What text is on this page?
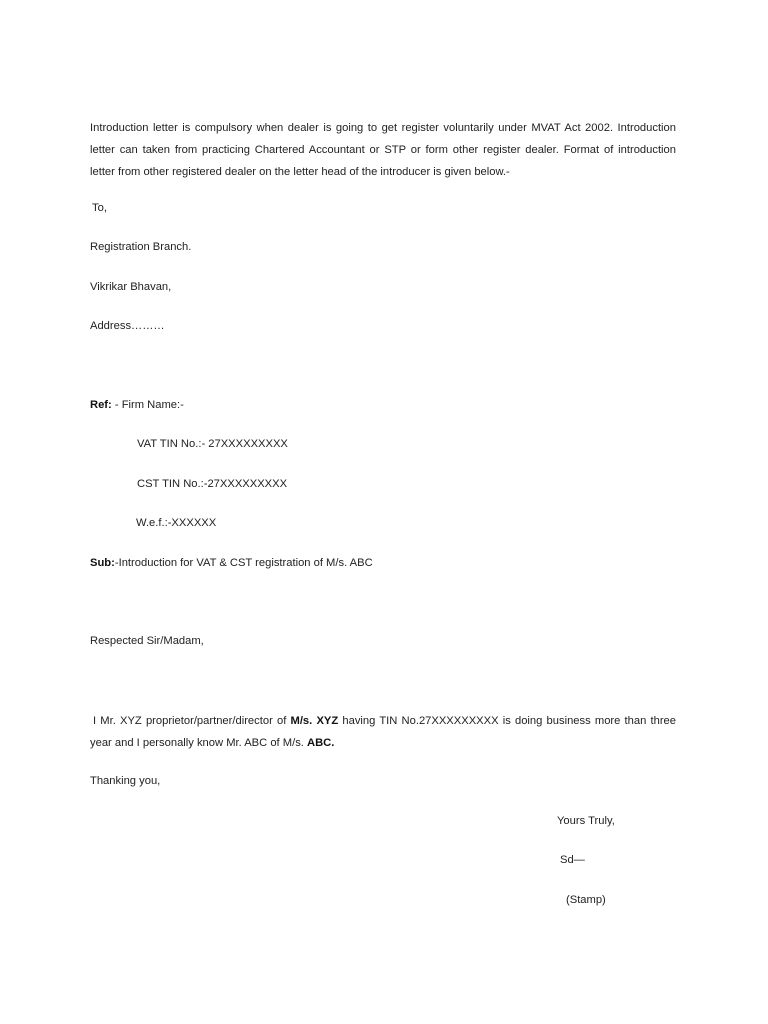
Introduction letter is compulsory when dealer is going to get register voluntarily under MVAT Act 2002. Introduction
letter can taken from practicing Chartered Accountant or STP or form other register dealer. Format of introduction
letter from other registered dealer on the letter head of the introducer is given below.-
To,
Registration Branch.
Vikrikar Bhavan,
Address………
Ref: - Firm Name:-
VAT TIN No.:- 27XXXXXXXXX
CST TIN No.:-27XXXXXXXXX
W.e.f.:-XXXXXX
Sub:-Introduction for VAT & CST registration of M/s. ABC
Respected Sir/Madam,
I Mr. XYZ proprietor/partner/director of M/s. XYZ having TIN No.27XXXXXXXXX is doing business more than three
year and I personally know Mr. ABC of M/s. ABC.
Thanking you,
Yours Truly,
Sd—
(Stamp)
